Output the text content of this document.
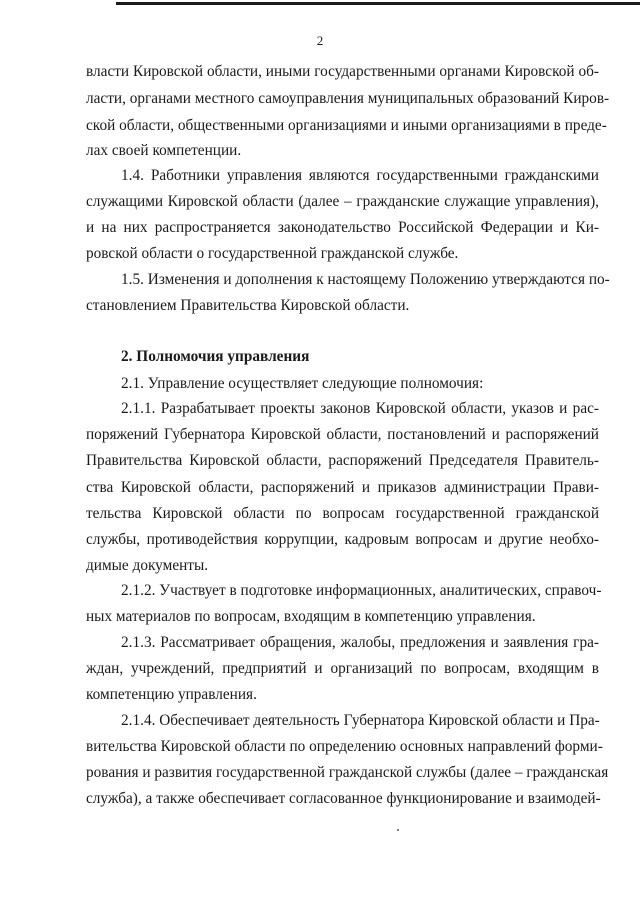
2
власти Кировской области, иными государственными органами Кировской об-
ласти, органами местного самоуправления муниципальных образований Киров-
ской области, общественными организациями и иными организациями в преде-
лах своей компетенции.
1.4. Работники управления являются государственными гражданскими
служащими Кировской области (далее – гражданские служащие управления),
и на них распространяется законодательство Российской Федерации и Ки-
ровской области о государственной гражданской службе.
1.5. Изменения и дополнения к настоящему Положению утверждаются по-
становлением Правительства Кировской области.
2. Полномочия управления
2.1. Управление осуществляет следующие полномочия:
2.1.1. Разрабатывает проекты законов Кировской области, указов и рас-
поряжений Губернатора Кировской области, постановлений и распоряжений
Правительства Кировской области, распоряжений Председателя Правитель-
ства Кировской области, распоряжений и приказов администрации Прави-
тельства Кировской области по вопросам государственной гражданской
службы, противодействия коррупции, кадровым вопросам и другие необхо-
димые документы.
2.1.2. Участвует в подготовке информационных, аналитических, справоч-
ных материалов по вопросам, входящим в компетенцию управления.
2.1.3. Рассматривает обращения, жалобы, предложения и заявления гра-
ждан, учреждений, предприятий и организаций по вопросам, входящим в
компетенцию управления.
2.1.4. Обеспечивает деятельность Губернатора Кировской области и Пра-
вительства Кировской области по определению основных направлений форми-
рования и развития государственной гражданской службы (далее – гражданская
служба), а также обеспечивает согласованное функционирование и взаимодей-
